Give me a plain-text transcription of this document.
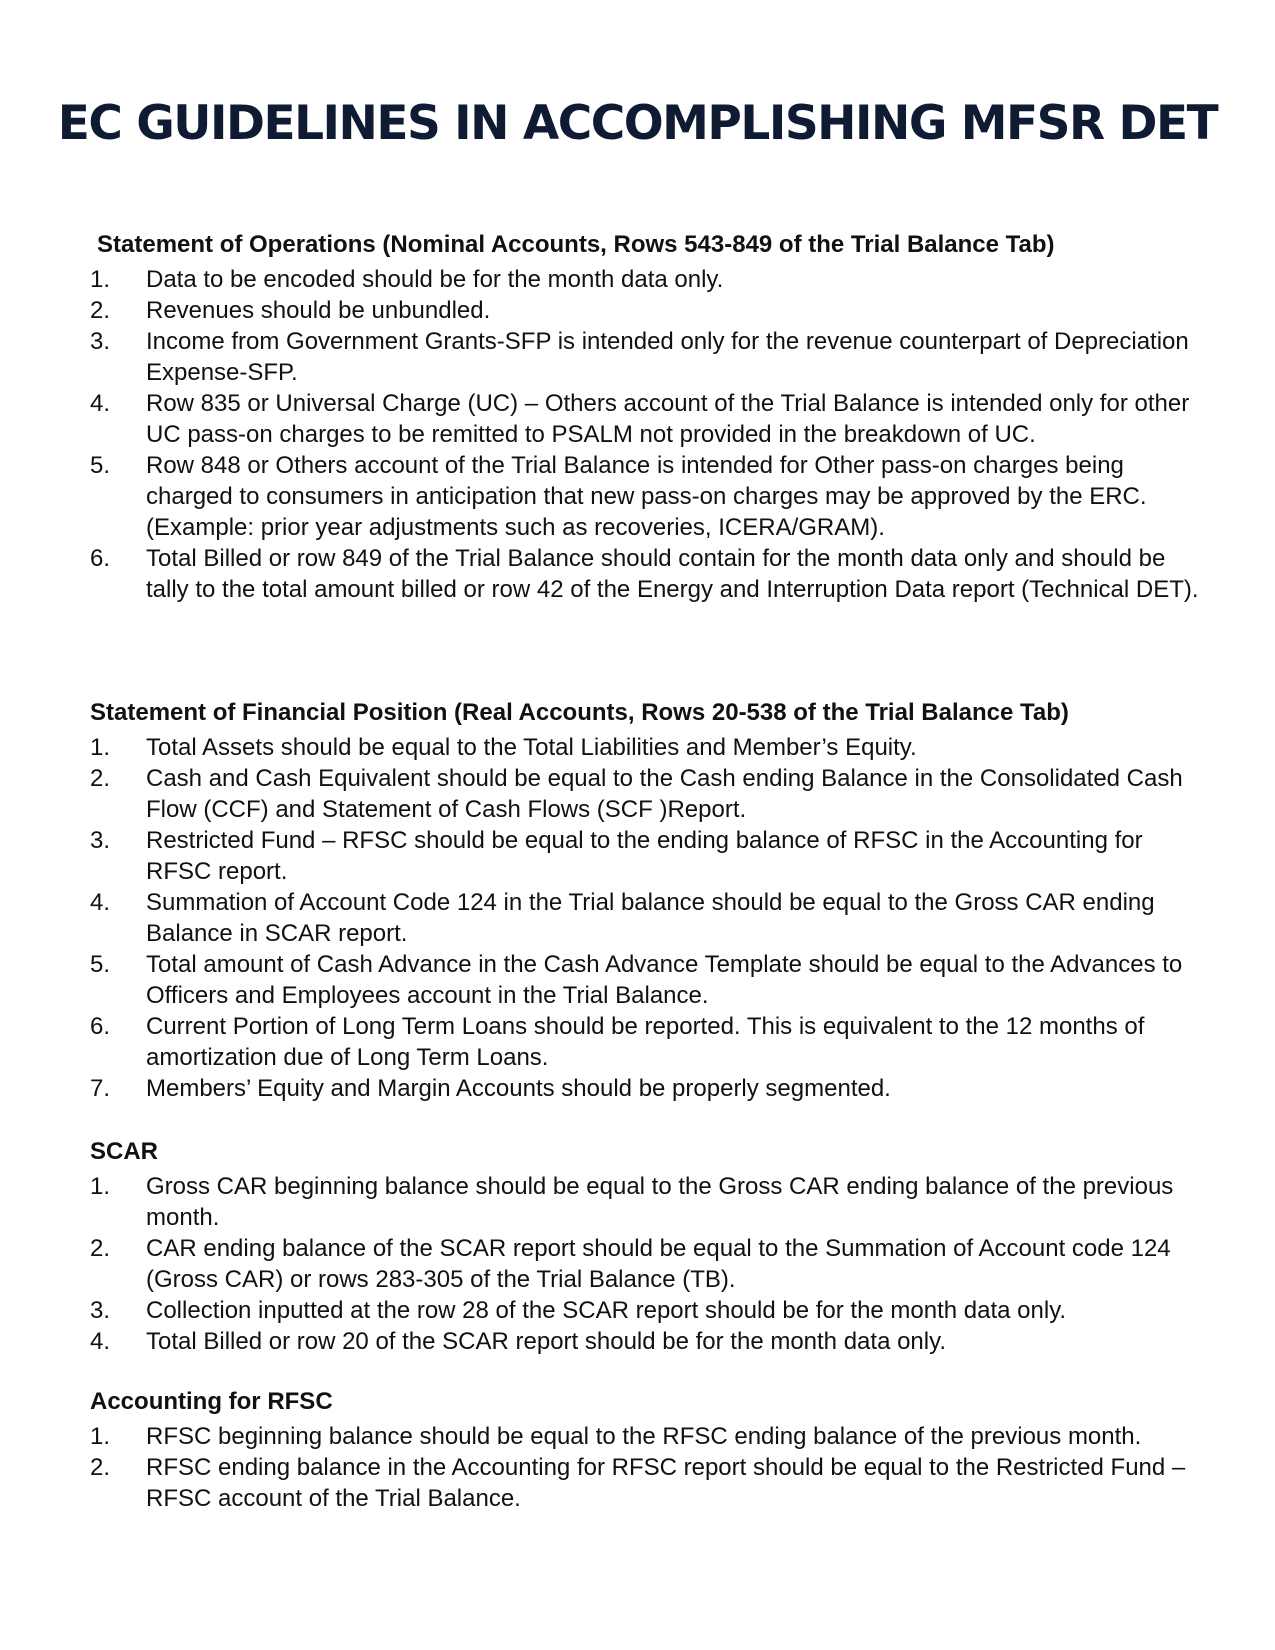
EC GUIDELINES IN ACCOMPLISHING MFSR DET
Statement of Operations (Nominal Accounts, Rows 543-849 of the Trial Balance Tab)
1.	Data to be encoded should be for the month data only.
2.	Revenues should be unbundled.
3.	Income from Government Grants-SFP is intended only for the revenue counterpart of Depreciation Expense-SFP.
4.	Row 835 or Universal Charge (UC) – Others account of the Trial Balance is intended only for other UC pass-on charges to be remitted to PSALM not provided in the breakdown of UC.
5.	Row 848 or Others account of the Trial Balance is intended for Other pass-on charges being charged to consumers in anticipation that new pass-on charges may be approved by the ERC. (Example: prior year adjustments such as recoveries, ICERA/GRAM).
6.	Total Billed or row 849 of the Trial Balance should contain for the month data only and should be tally to the total amount billed or row 42 of the Energy and Interruption Data report (Technical DET).
Statement of Financial Position (Real Accounts, Rows 20-538 of the Trial Balance Tab)
1.	Total Assets should be equal to the Total Liabilities and Member’s Equity.
2.	Cash and Cash Equivalent should be equal to the Cash ending Balance in the Consolidated Cash Flow (CCF) and Statement of Cash Flows (SCF )Report.
3.	Restricted Fund – RFSC should be equal to the ending balance of RFSC in the Accounting for RFSC report.
4.	Summation of Account Code 124 in the Trial balance should be equal to the Gross CAR ending Balance in SCAR report.
5.	Total amount of Cash Advance in the Cash Advance Template should be equal to the Advances to Officers and Employees account in the Trial Balance.
6.	Current Portion of Long Term Loans should be reported. This is equivalent to the 12 months of amortization due of Long Term Loans.
7.	Members’ Equity and Margin Accounts should be properly segmented.
SCAR
1.	Gross CAR beginning balance should be equal to the Gross CAR ending balance of the previous month.
2.	CAR ending balance of the SCAR report should be equal to the Summation of Account code 124 (Gross CAR) or rows 283-305 of the Trial Balance (TB).
3.	Collection inputted at the row 28 of the SCAR report should be for the month data only.
4.	Total Billed or row 20 of the SCAR report should be for the month data only.
Accounting for RFSC
1.	RFSC beginning balance should be equal to the RFSC ending balance of the previous month.
2.	RFSC ending balance in the Accounting for RFSC report should be equal to the Restricted Fund – RFSC account of the Trial Balance.
